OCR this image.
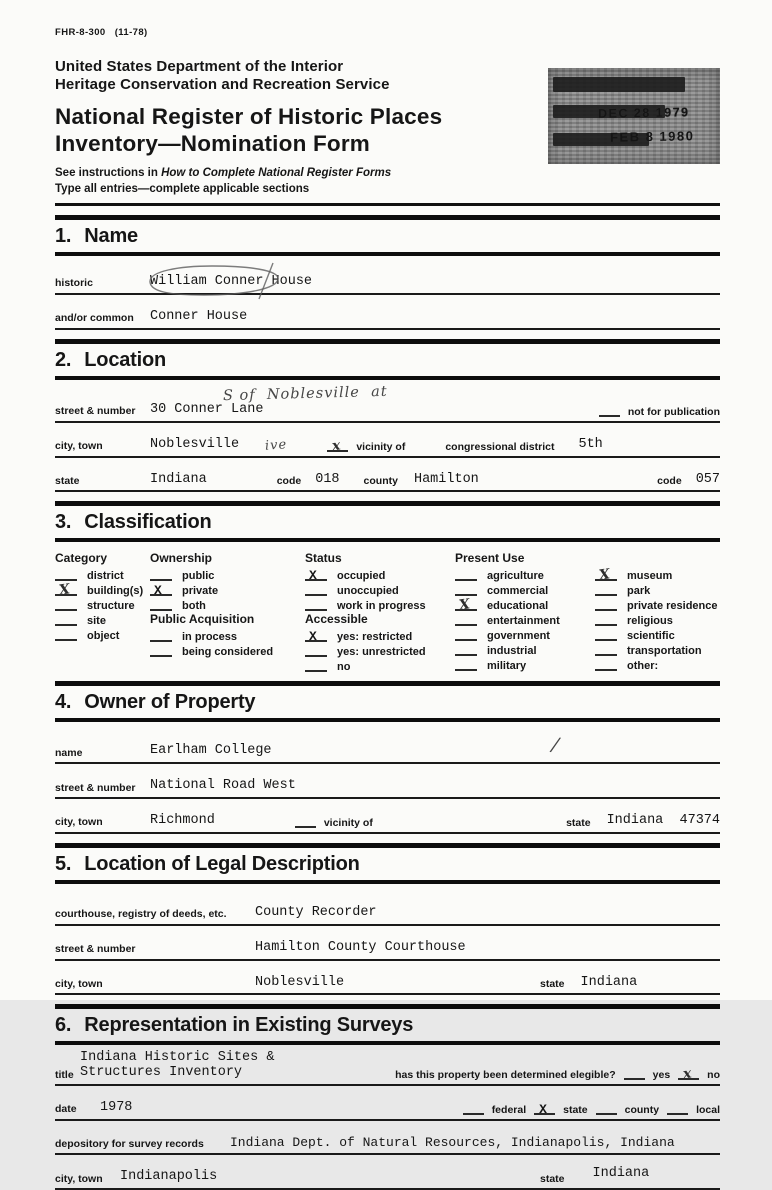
FHR-8-300   (11-78)
United States Department of the Interior
Heritage Conservation and Recreation Service
National Register of Historic Places
Inventory—Nomination Form
See instructions in How to Complete National Register Forms
Type all entries—complete applicable sections
DEC 28 1979
FEB 8 1980
1. Name
historic	William Conner House
and/or common	Conner House
2. Location
S of  Noblesville  at
street & number	30 Conner Lane	not for publication
city, town	Noblesville ive	x vicinity of	congressional district 5th
state	Indiana	code 018 county Hamilton	code 057
3. Classification
Category
district
X building(s)
structure
site
object
Ownership
public
X private
both
Public Acquisition
in process
being considered
Status
X occupied
unoccupied
work in progress
Accessible
X yes: restricted
yes: unrestricted
no
Present Use
agriculture
commercial
X educational
entertainment
government
industrial
military
X museum
park
private residence
religious
scientific
transportation
other:
4. Owner of Property
name	Earlham College	/
street & number	National Road West
city, town	Richmond	vicinity of	state Indiana  47374
5. Location of Legal Description
courthouse, registry of deeds, etc.	County Recorder
street & number	Hamilton County Courthouse
city, town	Noblesville	state Indiana
6. Representation in Existing Surveys
Indiana Historic Sites &
title Structures Inventory	has this property been determined elegible?	yes x no
date	1978	federal X state	county	local
depository for survey records	Indiana Dept. of Natural Resources, Indianapolis, Indiana
city, town	Indianapolis	state Indiana
